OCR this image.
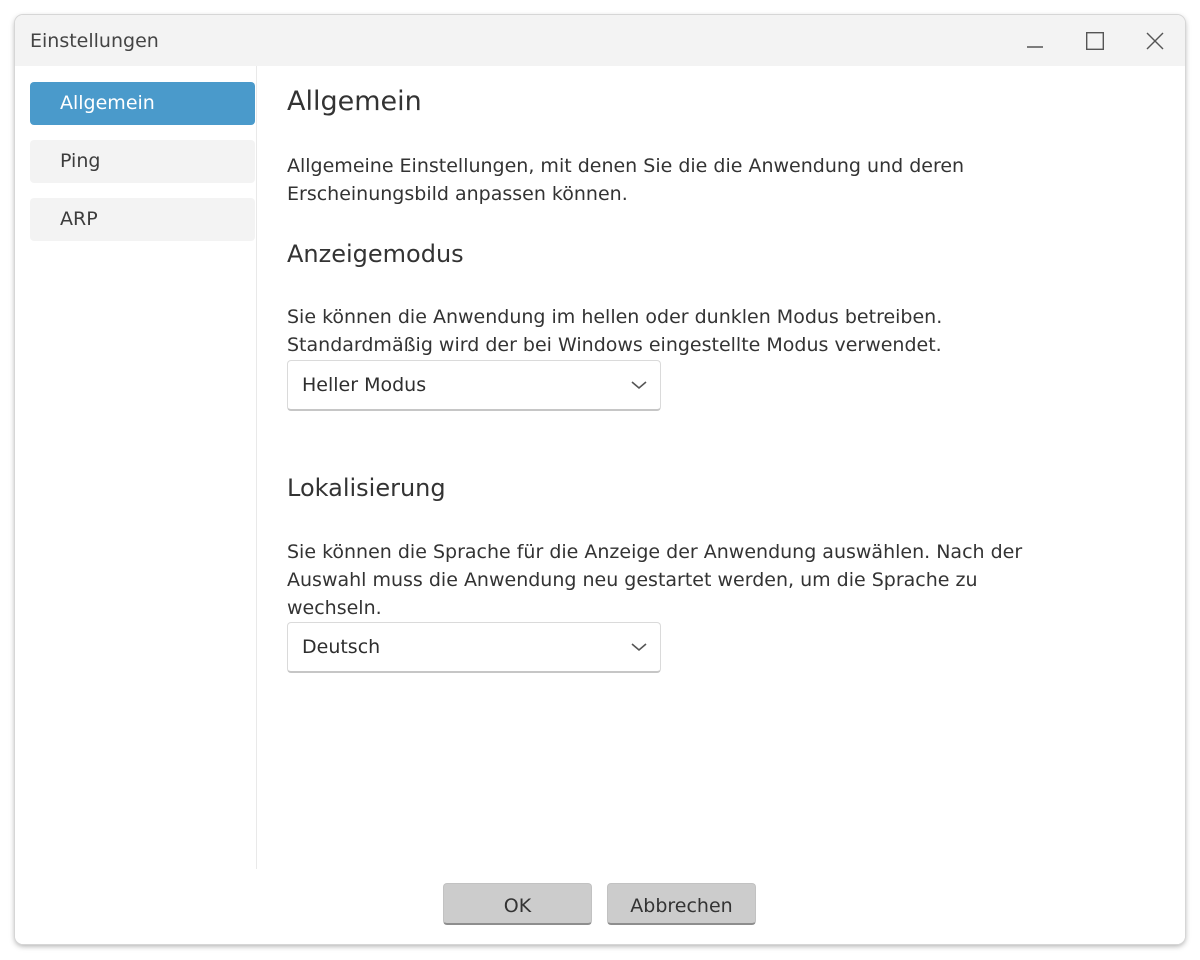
Einstellungen
Allgemein
Ping
ARP
Allgemein
Allgemeine Einstellungen, mit denen Sie die die Anwendung und deren
Erscheinungsbild anpassen können.
Anzeigemodus
Sie können die Anwendung im hellen oder dunklen Modus betreiben.
Standardmäßig wird der bei Windows eingestellte Modus verwendet.
Heller Modus
Lokalisierung
Sie können die Sprache für die Anzeige der Anwendung auswählen. Nach der
Auswahl muss die Anwendung neu gestartet werden, um die Sprache zu
wechseln.
Deutsch
OK	Abbrechen
